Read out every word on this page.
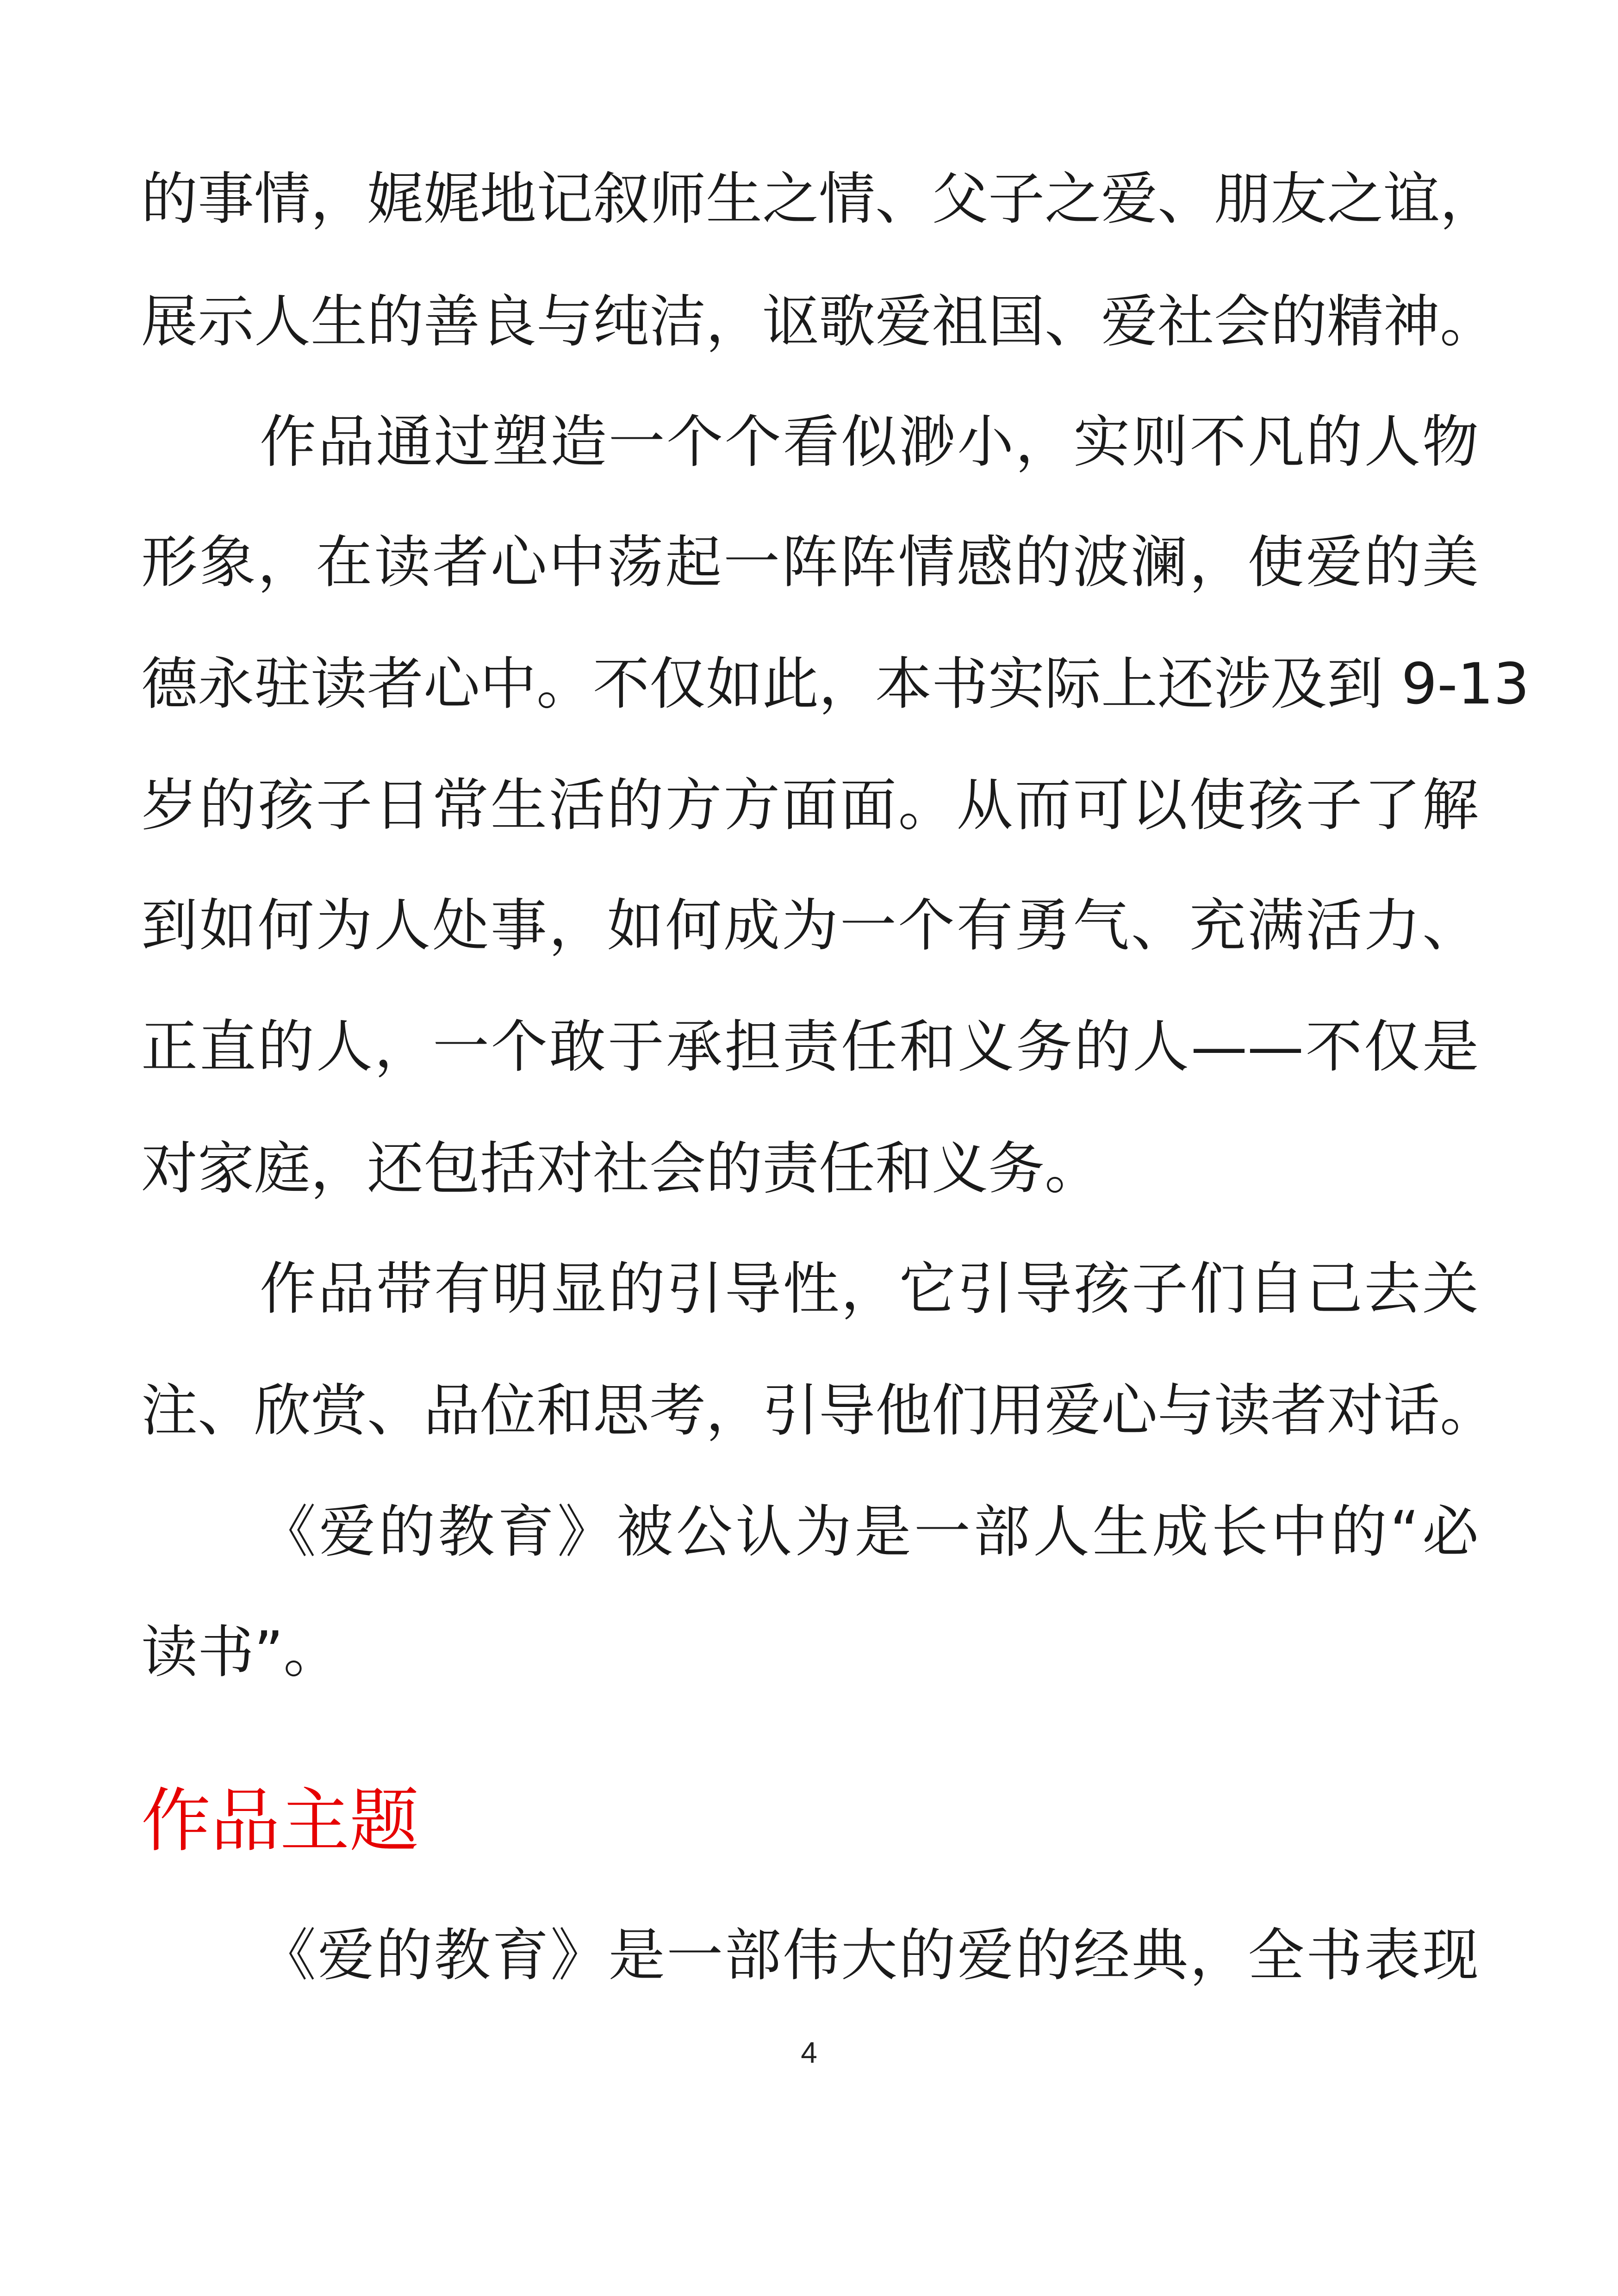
的事情，娓娓地记叙师生之情、父子之爱、朋友之谊，
展示人生的善良与纯洁，讴歌爱祖国、爱社会的精神。
作品通过塑造一个个看似渺小，实则不凡的人物
形象，在读者心中荡起一阵阵情感的波澜，使爱的美
德永驻读者心中。不仅如此，本书实际上还涉及到 9-13
岁的孩子日常生活的方方面面。从而可以使孩子了解
到如何为人处事，如何成为一个有勇气、充满活力、
正直的人，一个敢于承担责任和义务的人——不仅是
对家庭，还包括对社会的责任和义务。
作品带有明显的引导性，它引导孩子们自己去关
注、欣赏、品位和思考，引导他们用爱心与读者对话。
《爱的教育》被公认为是一部人生成长中的“必
读书”。
作品主题
《爱的教育》是一部伟大的爱的经典，全书表现
4
